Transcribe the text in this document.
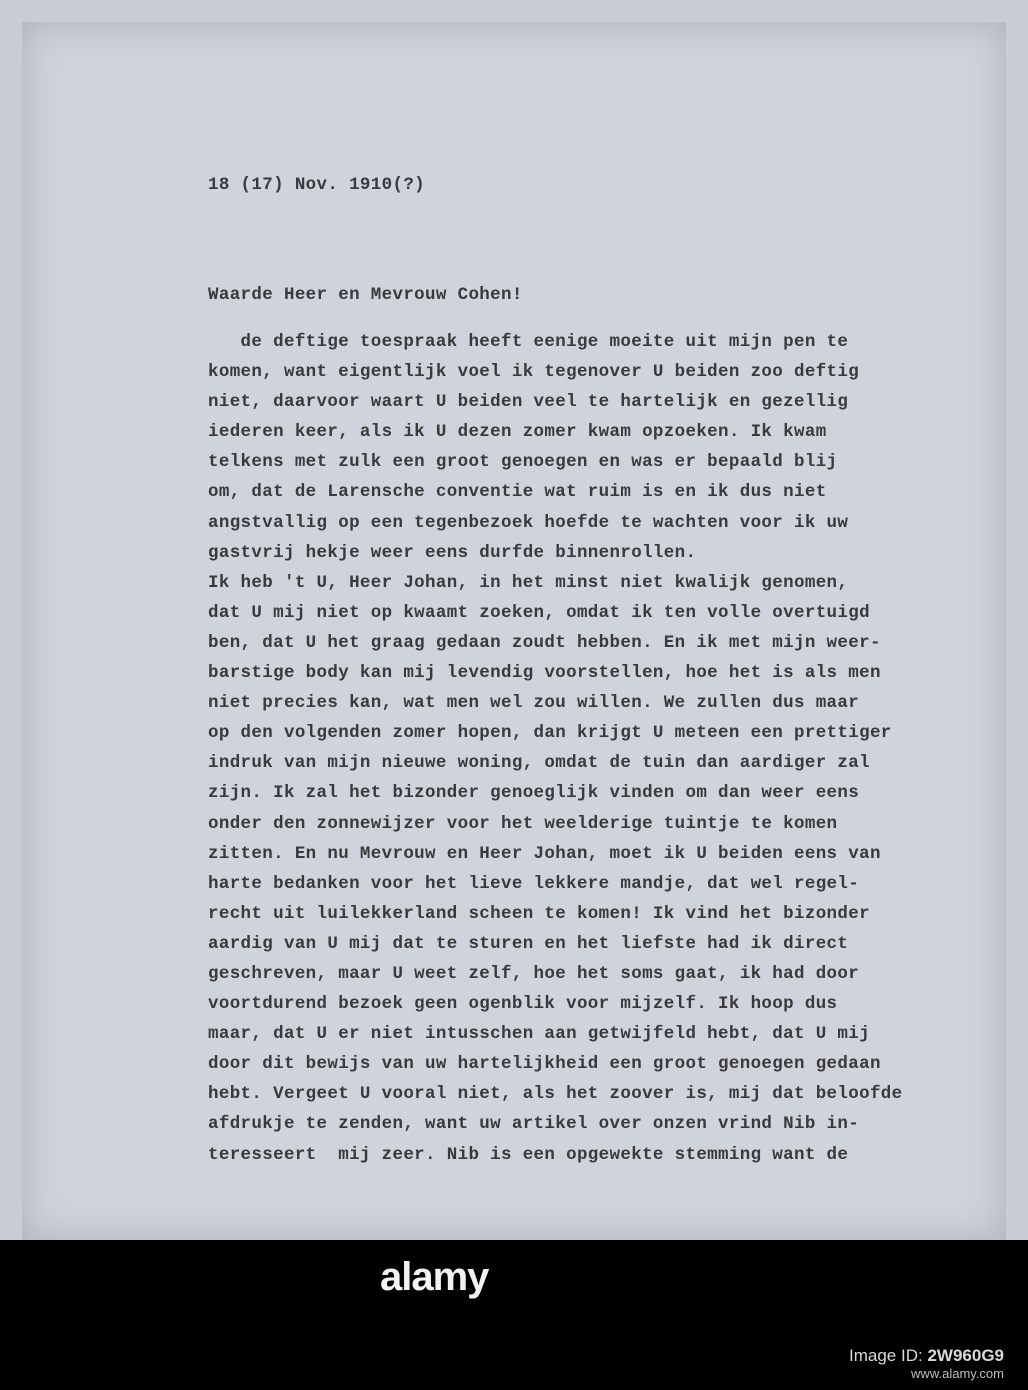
18 (17) Nov. 1910(?)
Waarde Heer en Mevrouw Cohen!
de deftige toespraak heeft eenige moeite uit mijn pen te
komen, want eigentlijk voel ik tegenover U beiden zoo deftig
niet, daarvoor waart U beiden veel te hartelijk en gezellig
iederen keer, als ik U dezen zomer kwam opzoeken. Ik kwam
telkens met zulk een groot genoegen en was er bepaald blij
om, dat de Larensche conventie wat ruim is en ik dus niet
angstvallig op een tegenbezoek hoefde te wachten voor ik uw
gastvrij hekje weer eens durfde binnenrollen.
Ik heb 't U, Heer Johan, in het minst niet kwalijk genomen,
dat U mij niet op kwaamt zoeken, omdat ik ten volle overtuigd
ben, dat U het graag gedaan zoudt hebben. En ik met mijn weer-
barstige body kan mij levendig voorstellen, hoe het is als men
niet precies kan, wat men wel zou willen. We zullen dus maar
op den volgenden zomer hopen, dan krijgt U meteen een prettiger
indruk van mijn nieuwe woning, omdat de tuin dan aardiger zal
zijn. Ik zal het bizonder genoeglijk vinden om dan weer eens
onder den zonnewijzer voor het weelderige tuintje te komen
zitten. En nu Mevrouw en Heer Johan, moet ik U beiden eens van
harte bedanken voor het lieve lekkere mandje, dat wel regel-
recht uit luilekkerland scheen te komen! Ik vind het bizonder
aardig van U mij dat te sturen en het liefste had ik direct
geschreven, maar U weet zelf, hoe het soms gaat, ik had door
voortdurend bezoek geen ogenblik voor mijzelf. Ik hoop dus
maar, dat U er niet intusschen aan getwijfeld hebt, dat U mij
door dit bewijs van uw hartelijkheid een groot genoegen gedaan
hebt. Vergeet U vooral niet, als het zoover is, mij dat beloofde
afdrukje te zenden, want uw artikel over onzen vrind Nib in-
teresseert  mij zeer. Nib is een opgewekte stemming want de
alamy
Image ID: 2W960G9
www.alamy.com
